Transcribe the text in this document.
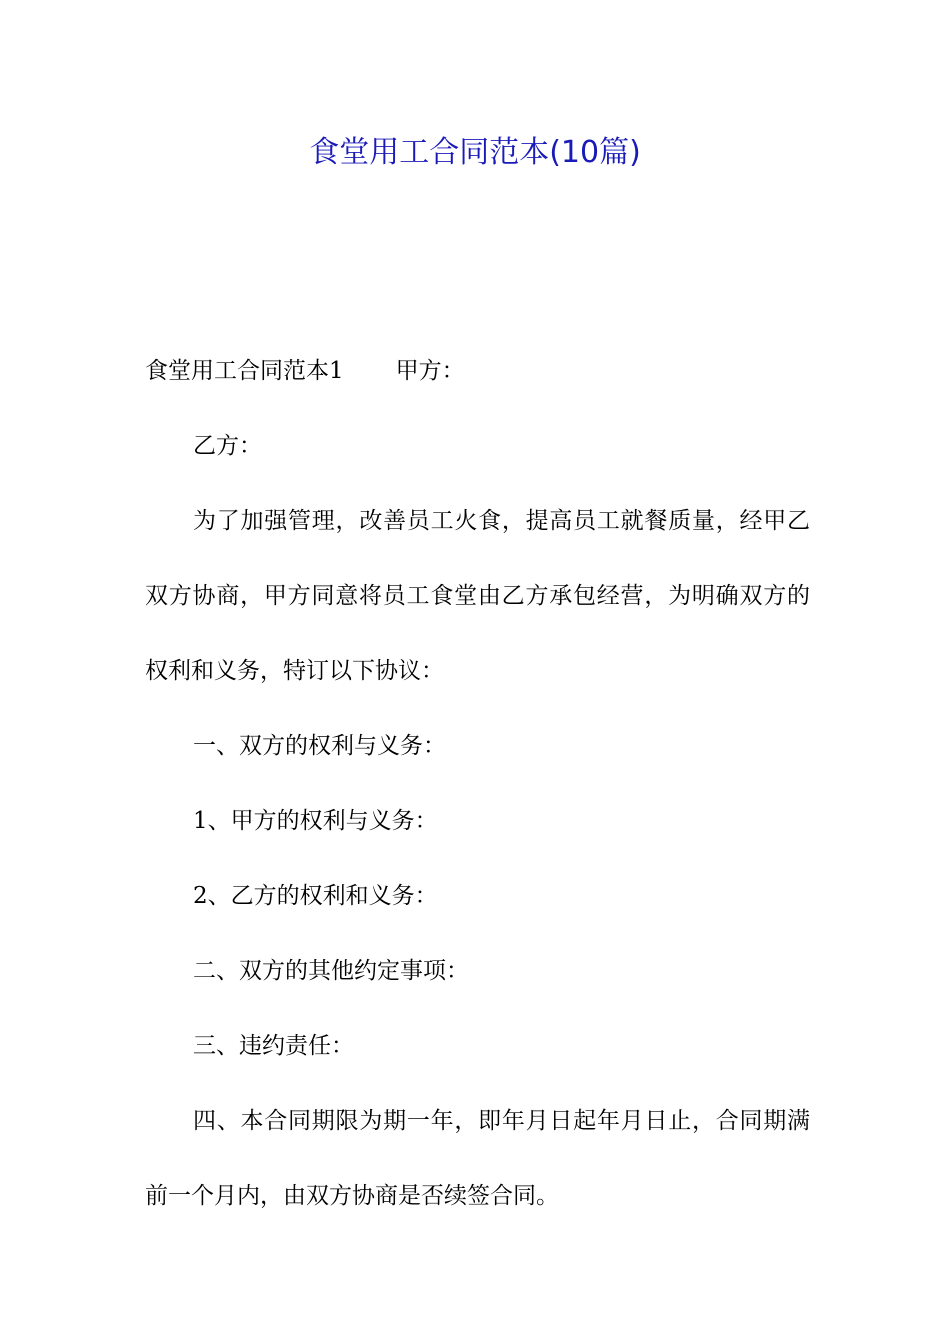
食堂用工合同范本(10篇)

食堂用工合同范本1 甲方：

乙方：

为了加强管理，改善员工火食，提高员工就餐质量，经甲乙双方协商，甲方同意将员工食堂由乙方承包经营，为明确双方的权利和义务，特订以下协议：

一、双方的权利与义务：

1、甲方的权利与义务：

2、乙方的权利和义务：

二、双方的其他约定事项：

三、违约责任：

四、本合同期限为期一年，即年月日起年月日止，合同期满前一个月内，由双方协商是否续签合同。
